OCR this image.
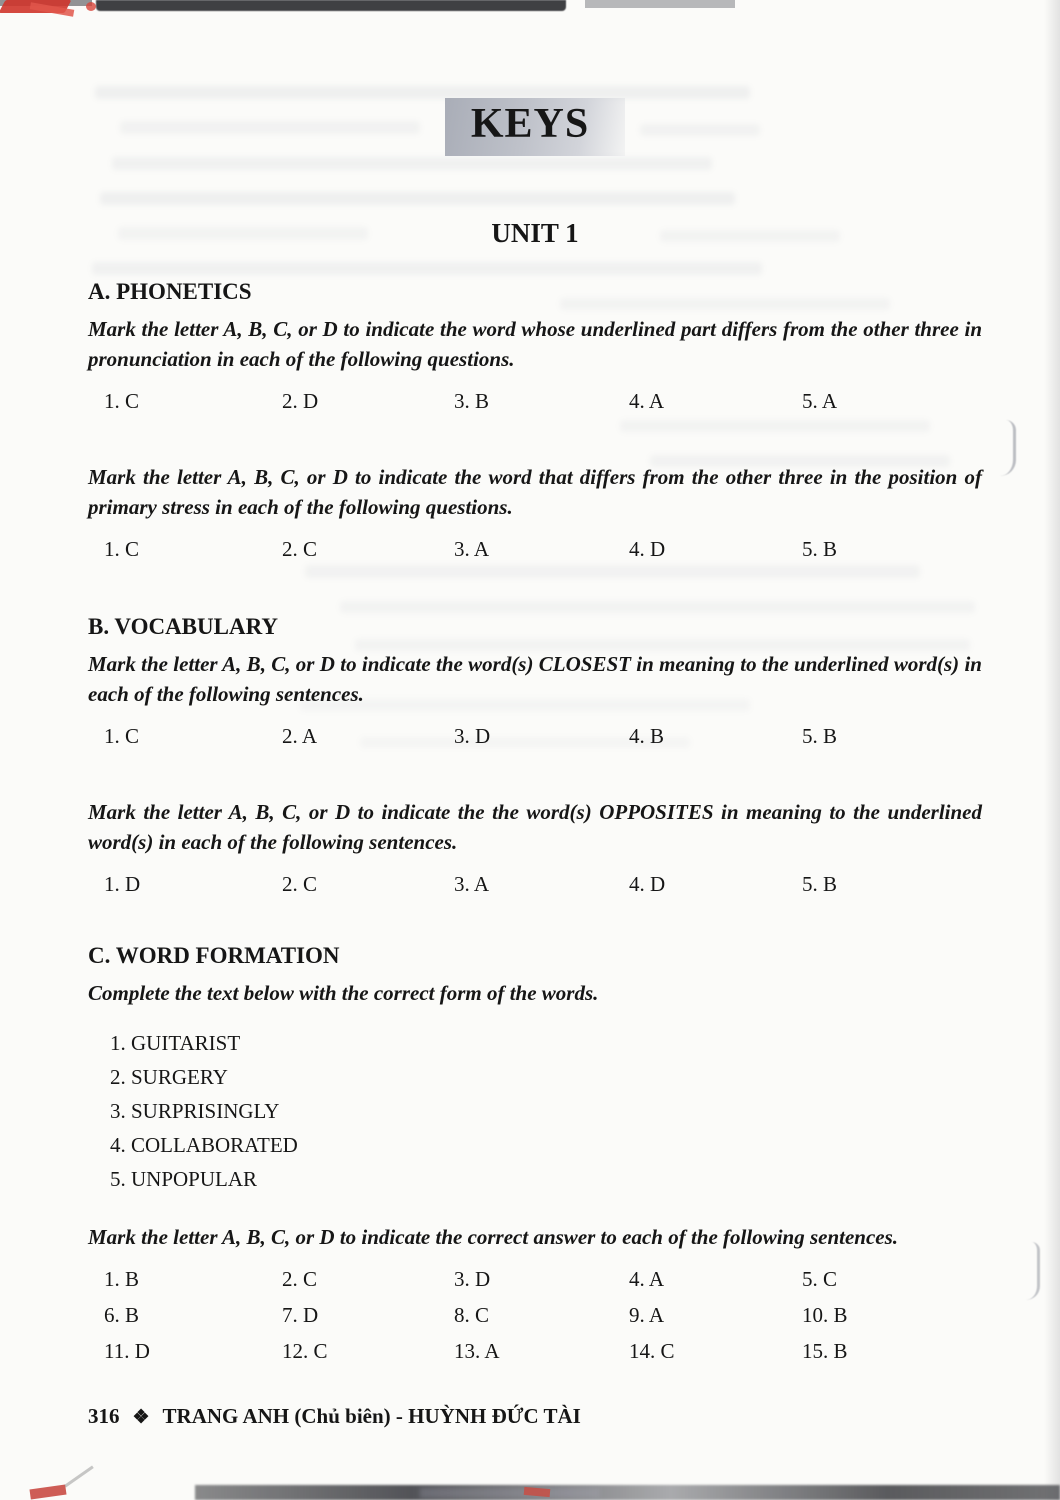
KEYS
UNIT 1
A. PHONETICS

Mark the letter A, B, C, or D to indicate the word whose underlined part differs from the other three in pronunciation in each of the following questions.

1. C	2. D	3. B	4. A	5. A

Mark the letter A, B, C, or D to indicate the word that differs from the other three in the position of primary stress in each of the following questions.

1. C	2. C	3. A	4. D	5. B
B. VOCABULARY

Mark the letter A, B, C, or D to indicate the word(s) CLOSEST in meaning to the underlined word(s) in each of the following sentences.

1. C	2. A	3. D	4. B	5. B

Mark the letter A, B, C, or D to indicate the the word(s) OPPOSITES in meaning to the underlined word(s) in each of the following sentences.

1. D	2. C	3. A	4. D	5. B
C. WORD FORMATION

Complete the text below with the correct form of the words.

1. GUITARIST
2. SURGERY
3. SURPRISINGLY
4. COLLABORATED
5. UNPOPULAR

Mark the letter A, B, C, or D to indicate the correct answer to each of the following sentences.

1. B	2. C	3. D	4. A	5. C
6. B	7. D	8. C	9. A	10. B
11. D	12. C	13. A	14. C	15. B
316 ❖ TRANG ANH (Chủ biên) - HUỲNH ĐỨC TÀI
